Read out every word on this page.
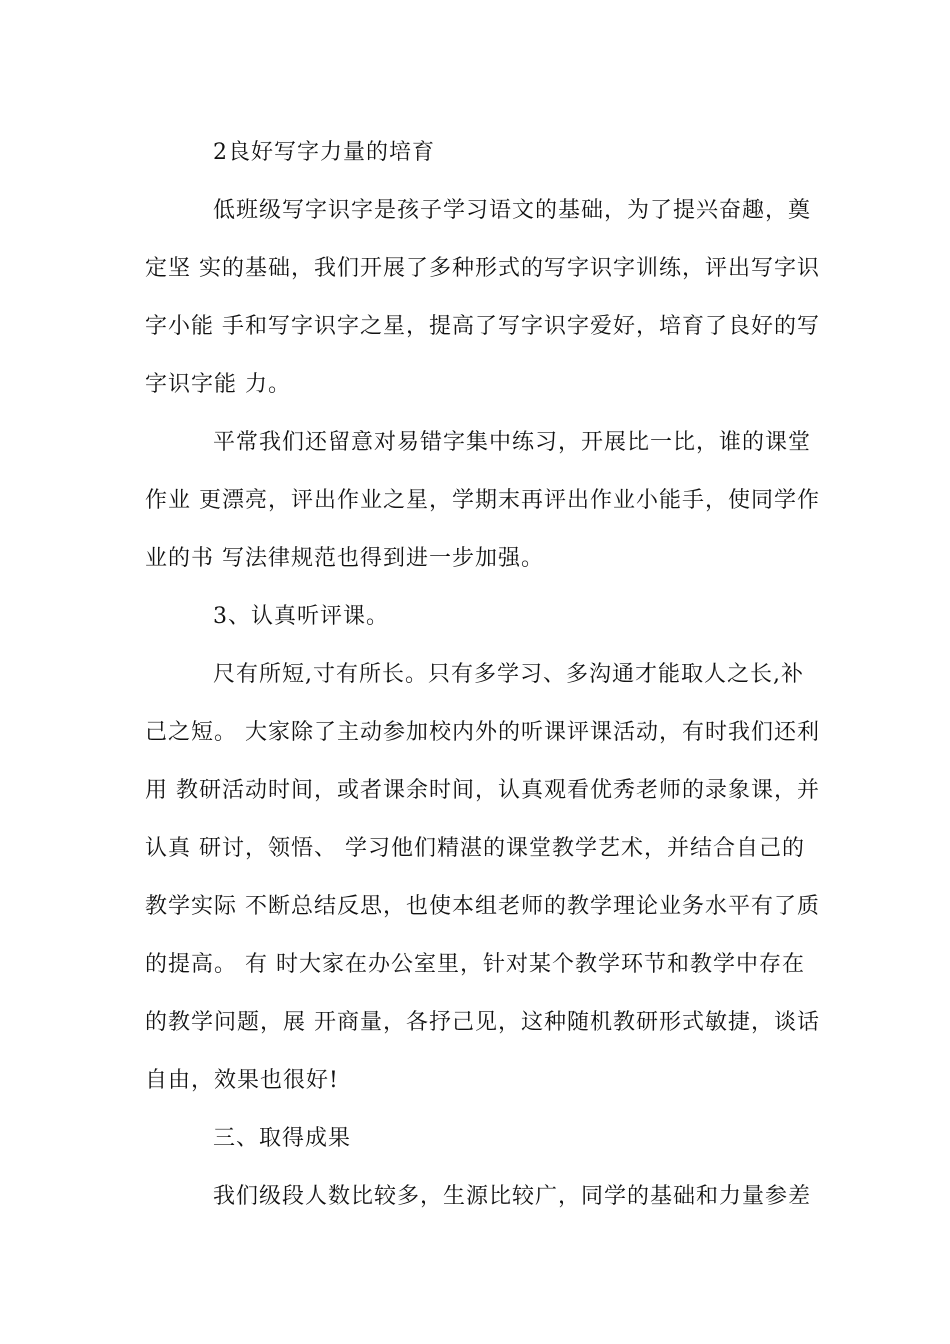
2良好写字力量的培育
低班级写字识字是孩子学习语文的基础，为了提兴奋趣，奠
定坚 实的基础，我们开展了多种形式的写字识字训练，评出写字识
字小能 手和写字识字之星，提高了写字识字爱好，培育了良好的写
字识字能 力。
平常我们还留意对易错字集中练习，开展比一比，谁的课堂
作业 更漂亮，评出作业之星，学期末再评出作业小能手，使同学作
业的书 写法律规范也得到进一步加强。
3、认真听评课。
尺有所短,寸有所长。只有多学习、多沟通才能取人之长,补
己之短。 大家除了主动参加校内外的听课评课活动，有时我们还利
用 教研活动时间，或者课余时间，认真观看优秀老师的录象课，并
认真 研讨，领悟、 学习他们精湛的课堂教学艺术，并结合自己的
教学实际 不断总结反思，也使本组老师的教学理论业务水平有了质
的提高。 有 时大家在办公室里，针对某个教学环节和教学中存在
的教学问题，展 开商量，各抒己见，这种随机教研形式敏捷，谈话
自由，效果也很好!
三、取得成果
我们级段人数比较多，生源比较广，同学的基础和力量参差
